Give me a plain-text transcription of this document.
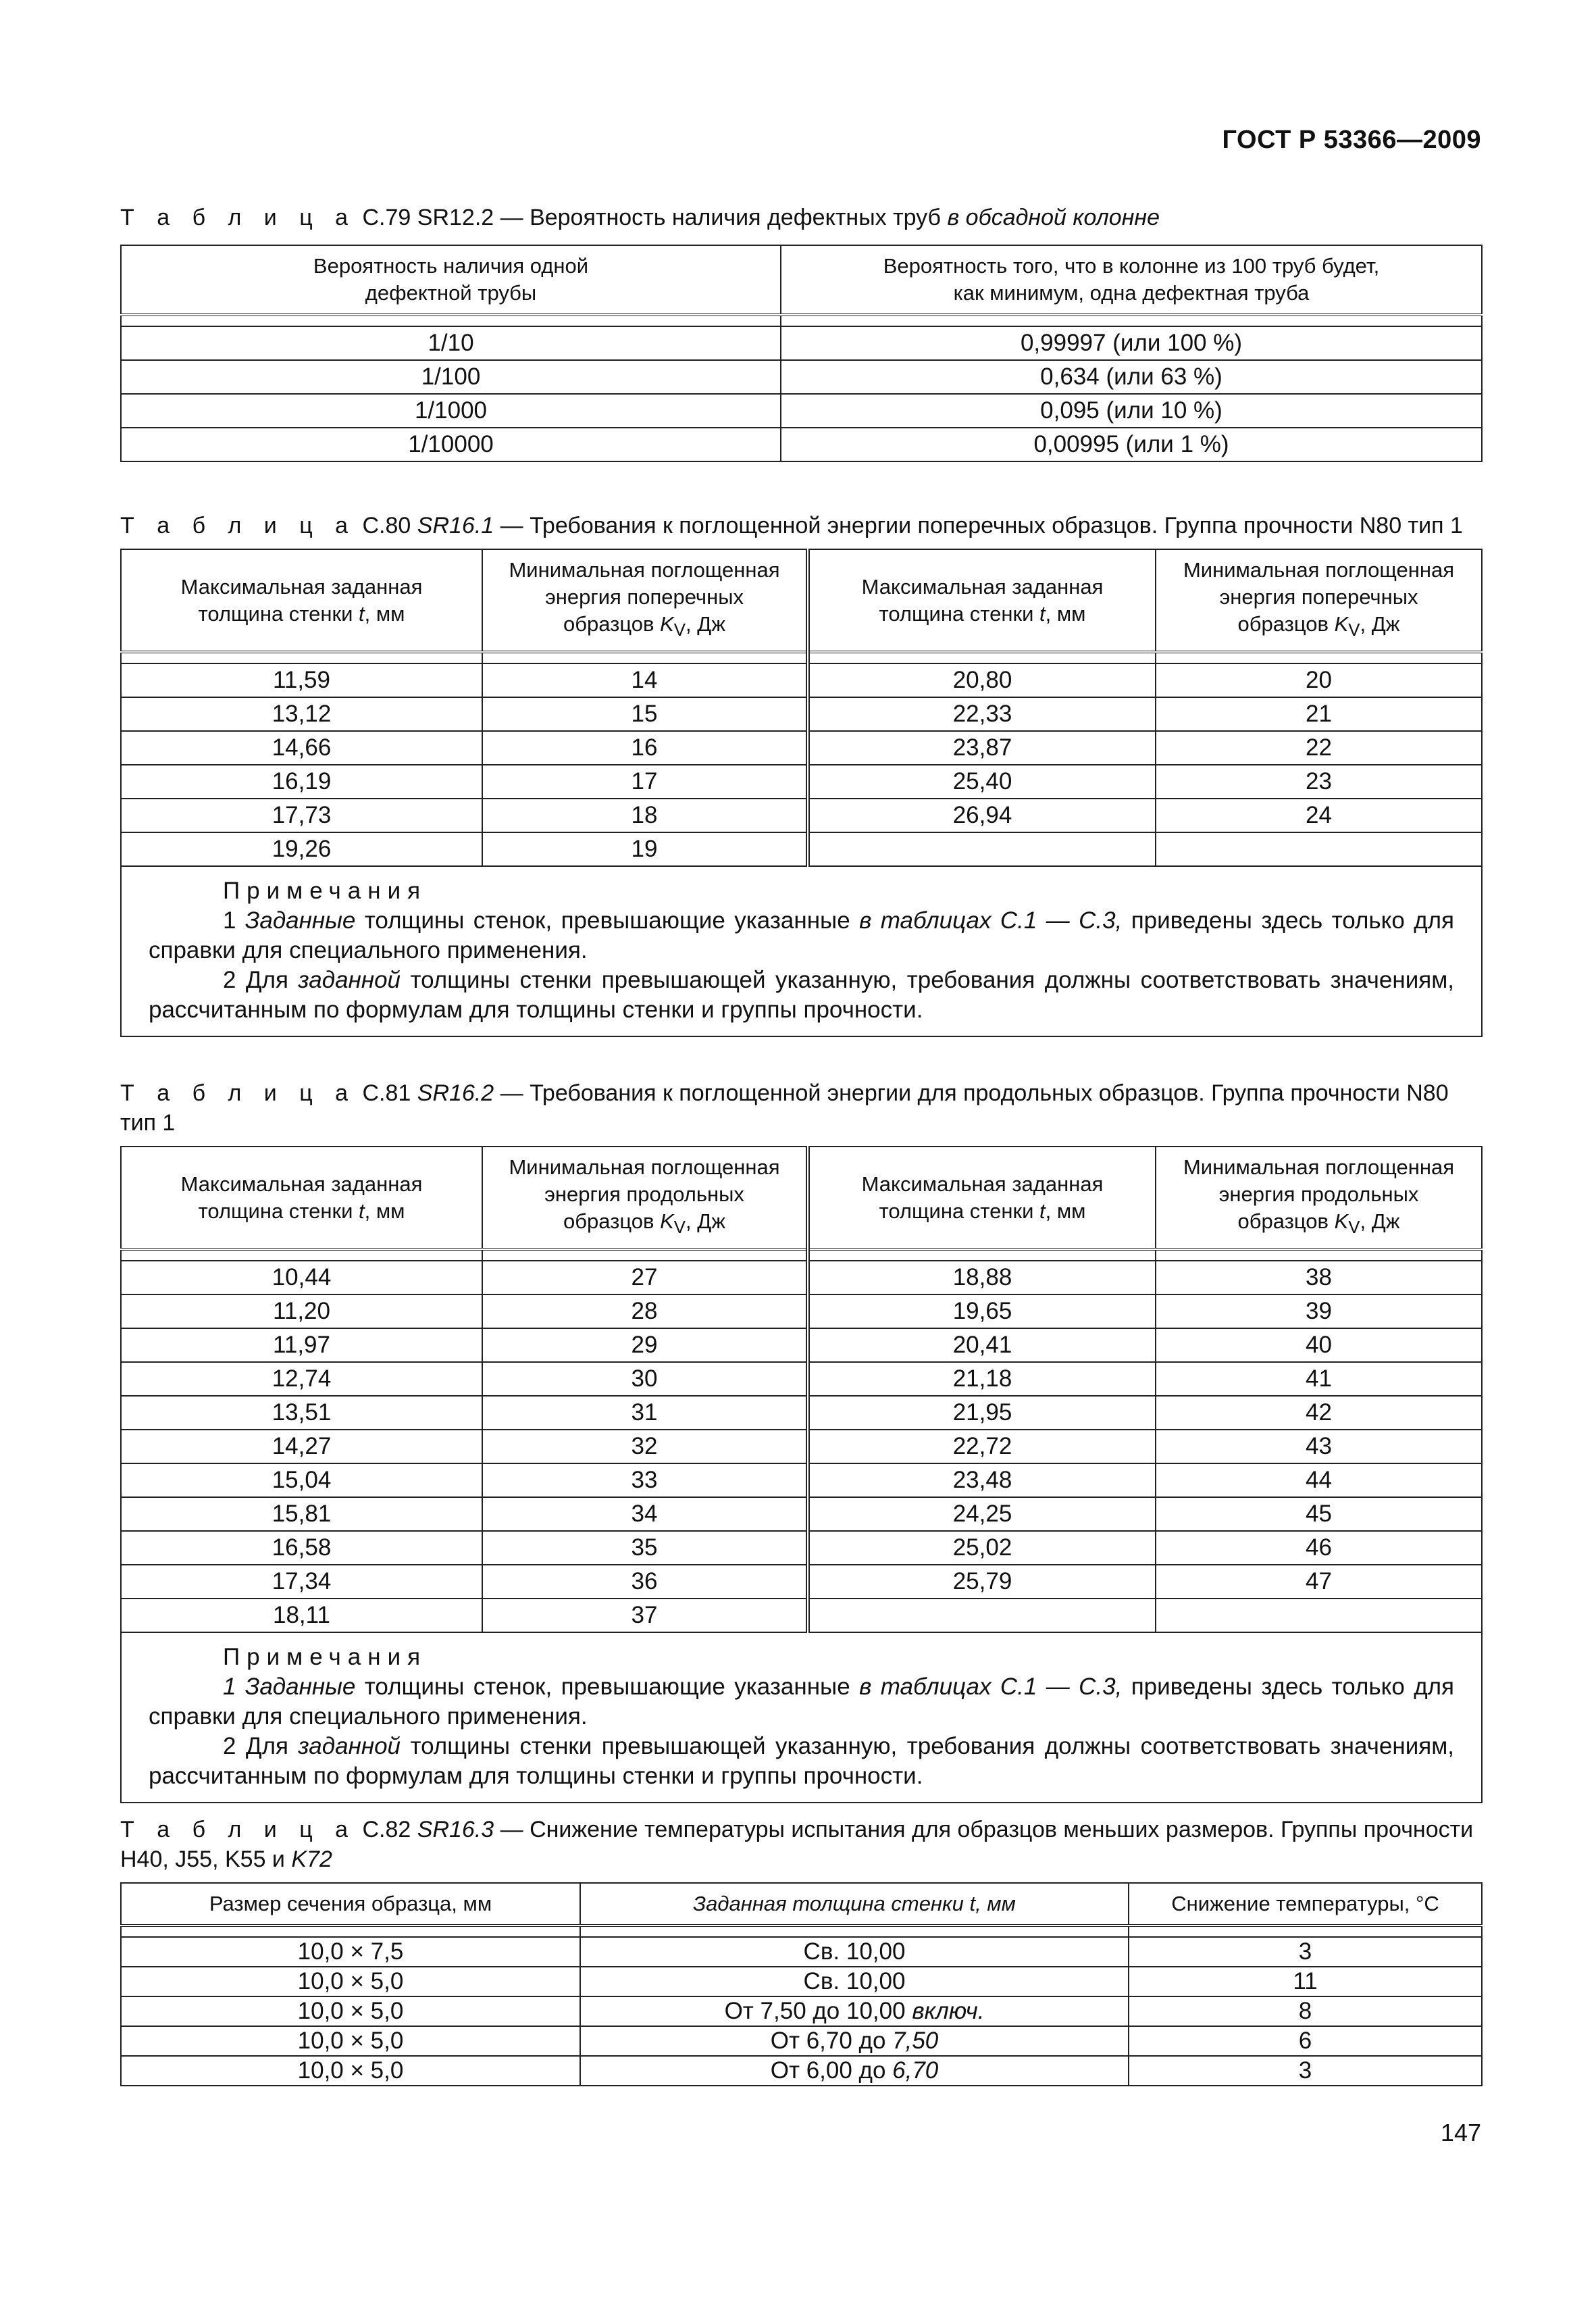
ГОСТ Р 53366—2009
Т а б л и ц а С.79 SR12.2 — Вероятность наличия дефектных труб в обсадной колонне
Вероятность наличия одной
дефектной трубы	Вероятность того, что в колонне из 100 труб будет,
как минимум, одна дефектная труба

1/10	0,99997 (или 100 %)
1/100	0,634 (или 63 %)
1/1000	0,095 (или 10 %)
1/10000	0,00995 (или 1 %)
Т а б л и ц а С.80 SR16.1 — Требования к поглощенной энергии поперечных образцов. Группа прочности N80 тип 1
Максимальная заданная
толщина стенки t, мм	Минимальная поглощенная
энергия поперечных
образцов $K_V$, Дж	Максимальная заданная
толщина стенки t, мм	Минимальная поглощенная
энергия поперечных
образцов $K_V$, Дж

11,59	14	20,80	20
13,12	15	22,33	21
14,66	16	23,87	22
16,19	17	25,40	23
17,73	18	26,94	24
19,26	19		

Примечания
1 Заданные толщины стенок, превышающие указанные в таблицах С.1 — С.3, приведены здесь только для справки для специального применения.
2 Для заданной толщины стенки превышающей указанную, требования должны соответствовать значениям, рассчитанным по формулам для толщины стенки и группы прочности.			
Т а б л и ц а С.81 SR16.2 — Требования к поглощенной энергии для продольных образцов. Группа прочности N80 тип 1
Максимальная заданная
толщина стенки t, мм	Минимальная поглощенная
энергия продольных
образцов $K_V$, Дж	Максимальная заданная
толщина стенки t, мм	Минимальная поглощенная
энергия продольных
образцов $K_V$, Дж

10,44	27	18,88	38
11,20	28	19,65	39
11,97	29	20,41	40
12,74	30	21,18	41
13,51	31	21,95	42
14,27	32	22,72	43
15,04	33	23,48	44
15,81	34	24,25	45
16,58	35	25,02	46
17,34	36	25,79	47
18,11	37		

Примечания
1 Заданные толщины стенок, превышающие указанные в таблицах С.1 — С.3, приведены здесь только для справки для специального применения.
2 Для заданной толщины стенки превышающей указанную, требования должны соответствовать значениям, рассчитанным по формулам для толщины стенки и группы прочности.			
Т а б л и ц а С.82 SR16.3 — Снижение температуры испытания для образцов меньших размеров. Группы прочности Н40, J55, K55 и K72
Размер сечения образца, мм	Заданная толщина стенки t, мм	Снижение температуры, °С

10,0 × 7,5	Св. 10,00	3
10,0 × 5,0	Св. 10,00	11
10,0 × 5,0	От 7,50 до 10,00 включ.	8
10,0 × 5,0	От 6,70 до 7,50	6
10,0 × 5,0	От 6,00 до 6,70	3
147
